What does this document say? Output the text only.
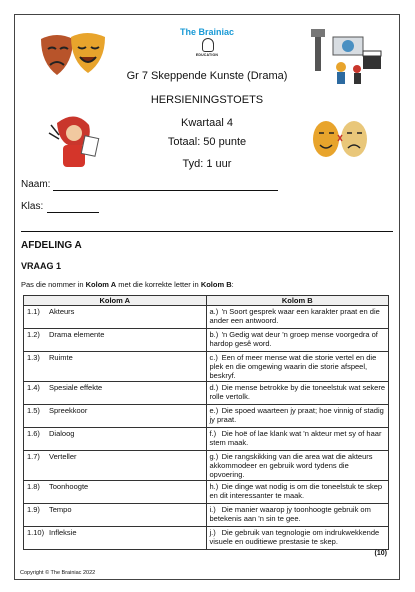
The Brainiac
EDUCATION
Gr 7 Skeppende Kunste (Drama)
HERSIENINGSTOETS
Kwartaal 4
Totaal: 50 punte
Tyd: 1 uur
Naam:
Klas:
AFDELING A
VRAAG 1
Pas die nommer in Kolom A met die korrekte letter in Kolom B:
Kolom A	Kolom B
1.1) Akteurs	a.) 'n Soort gesprek waar een karakter praat en die ander een antwoord.
1.2) Drama elemente	b.) 'n Gedig wat deur 'n groep mense voorgedra of hardop gesê word.
1.3) Ruimte	c.) Een of meer mense wat die storie vertel en die plek en die omgewing waarin die storie afspeel, beskryf.
1.4) Spesiale effekte	d.) Die mense betrokke by die toneelstuk wat sekere rolle vertolk.
1.5) Spreekkoor	e.) Die spoed waarteen jy praat; hoe vinnig of stadig jy praat.
1.6) Dialoog	f.) Die hoë of lae klank wat 'n akteur met sy of haar stem maak.
1.7) Verteller	g.) Die rangskikking van die area wat die akteurs akkommodeer en gebruik word tydens die opvoering.
1.8) Toonhoogte	h.) Die dinge wat nodig is om die toneelstuk te skep en dit interessanter te maak.
1.9) Tempo	i.) Die manier waarop jy toonhoogte gebruik om betekenis aan 'n sin te gee.
1.10) Infleksie	j.) Die gebruik van tegnologie om indrukwekkende visuele en ouditiewe prestasie te skep.
(10)
Copyright © The Brainiac 2022
